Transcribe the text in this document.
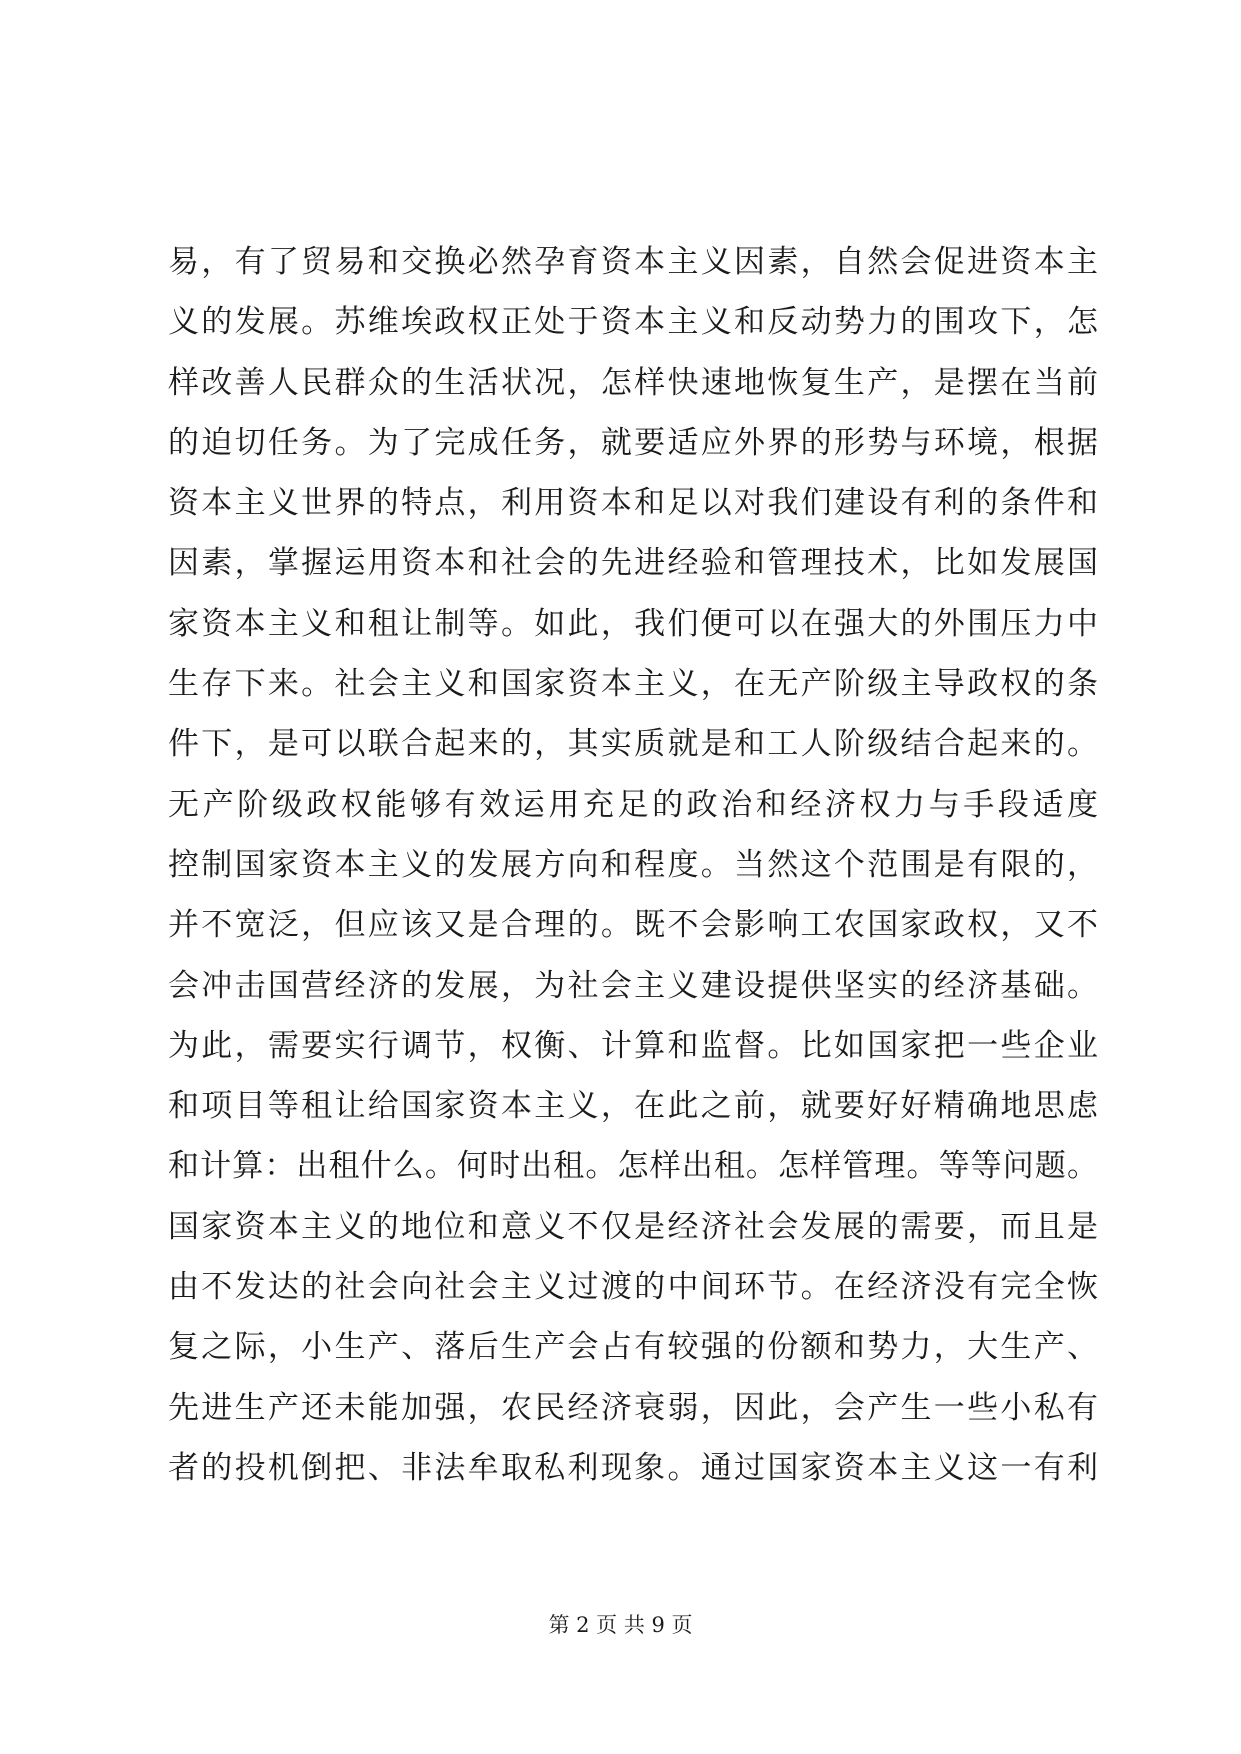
易，有了贸易和交换必然孕育资本主义因素，自然会促进资本主
义的发展。苏维埃政权正处于资本主义和反动势力的围攻下，怎
样改善人民群众的生活状况，怎样快速地恢复生产，是摆在当前
的迫切任务。为了完成任务，就要适应外界的形势与环境，根据
资本主义世界的特点，利用资本和足以对我们建设有利的条件和
因素，掌握运用资本和社会的先进经验和管理技术，比如发展国
家资本主义和租让制等。如此，我们便可以在强大的外围压力中
生存下来。社会主义和国家资本主义，在无产阶级主导政权的条
件下，是可以联合起来的，其实质就是和工人阶级结合起来的。
无产阶级政权能够有效运用充足的政治和经济权力与手段适度
控制国家资本主义的发展方向和程度。当然这个范围是有限的，
并不宽泛，但应该又是合理的。既不会影响工农国家政权，又不
会冲击国营经济的发展，为社会主义建设提供坚实的经济基础。
为此，需要实行调节，权衡、计算和监督。比如国家把一些企业
和项目等租让给国家资本主义，在此之前，就要好好精确地思虑
和计算：出租什么。何时出租。怎样出租。怎样管理。等等问题。
国家资本主义的地位和意义不仅是经济社会发展的需要，而且是
由不发达的社会向社会主义过渡的中间环节。在经济没有完全恢
复之际，小生产、落后生产会占有较强的份额和势力，大生产、
先进生产还未能加强，农民经济衰弱，因此，会产生一些小私有
者的投机倒把、非法牟取私利现象。通过国家资本主义这一有利
第 2 页 共 9 页
